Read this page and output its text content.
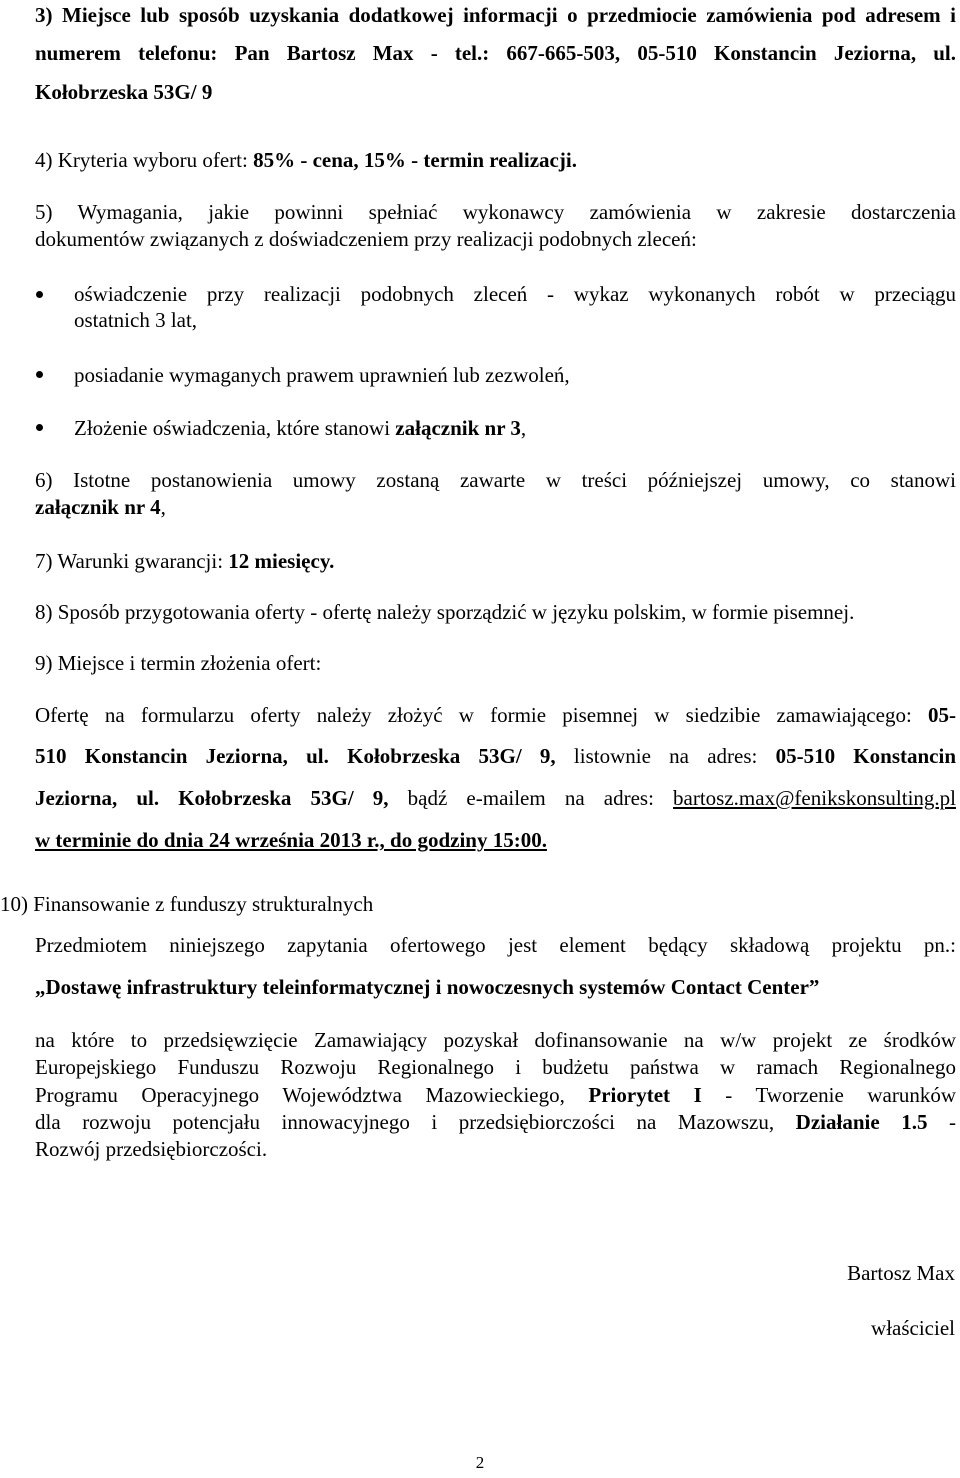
3) Miejsce lub sposób uzyskania dodatkowej informacji o przedmiocie zamówienia pod adresem i
numerem telefonu: Pan Bartosz Max - tel.: 667-665-503, 05-510 Konstancin Jeziorna, ul.
Kołobrzeska 53G/ 9
4) Kryteria wyboru ofert: 85% - cena, 15% - termin realizacji.
5) Wymagania, jakie powinni spełniać wykonawcy zamówienia w zakresie dostarczenia
dokumentów związanych z doświadczeniem przy realizacji podobnych zleceń:
oświadczenie przy realizacji podobnych zleceń - wykaz wykonanych robót w przeciągu
ostatnich 3 lat,
posiadanie wymaganych prawem uprawnień lub zezwoleń,
Złożenie oświadczenia, które stanowi załącznik nr 3,
6) Istotne postanowienia umowy zostaną zawarte w treści późniejszej umowy, co stanowi
załącznik nr 4,
7) Warunki gwarancji: 12 miesięcy.
8) Sposób przygotowania oferty - ofertę należy sporządzić w języku polskim, w formie pisemnej.
9) Miejsce i termin złożenia ofert:
Ofertę na formularzu oferty należy złożyć w formie pisemnej w siedzibie zamawiającego: 05-
510 Konstancin Jeziorna, ul. Kołobrzeska 53G/ 9, listownie na adres: 05-510 Konstancin
Jeziorna, ul. Kołobrzeska 53G/ 9, bądź e-mailem na adres: bartosz.max@fenikskonsulting.pl
w terminie do dnia 24 września 2013 r., do godziny 15:00.
10) Finansowanie z funduszy strukturalnych
Przedmiotem niniejszego zapytania ofertowego jest element będący składową projektu pn.:
„Dostawę infrastruktury teleinformatycznej i nowoczesnych systemów Contact Center”
na które to przedsięwzięcie Zamawiający pozyskał dofinansowanie na w/w projekt ze środków
Europejskiego Funduszu Rozwoju Regionalnego i budżetu państwa w ramach Regionalnego
Programu Operacyjnego Województwa Mazowieckiego, Priorytet I - Tworzenie warunków
dla rozwoju potencjału innowacyjnego i przedsiębiorczości na Mazowszu, Działanie 1.5 -
Rozwój przedsiębiorczości.
Bartosz Max
właściciel
2
